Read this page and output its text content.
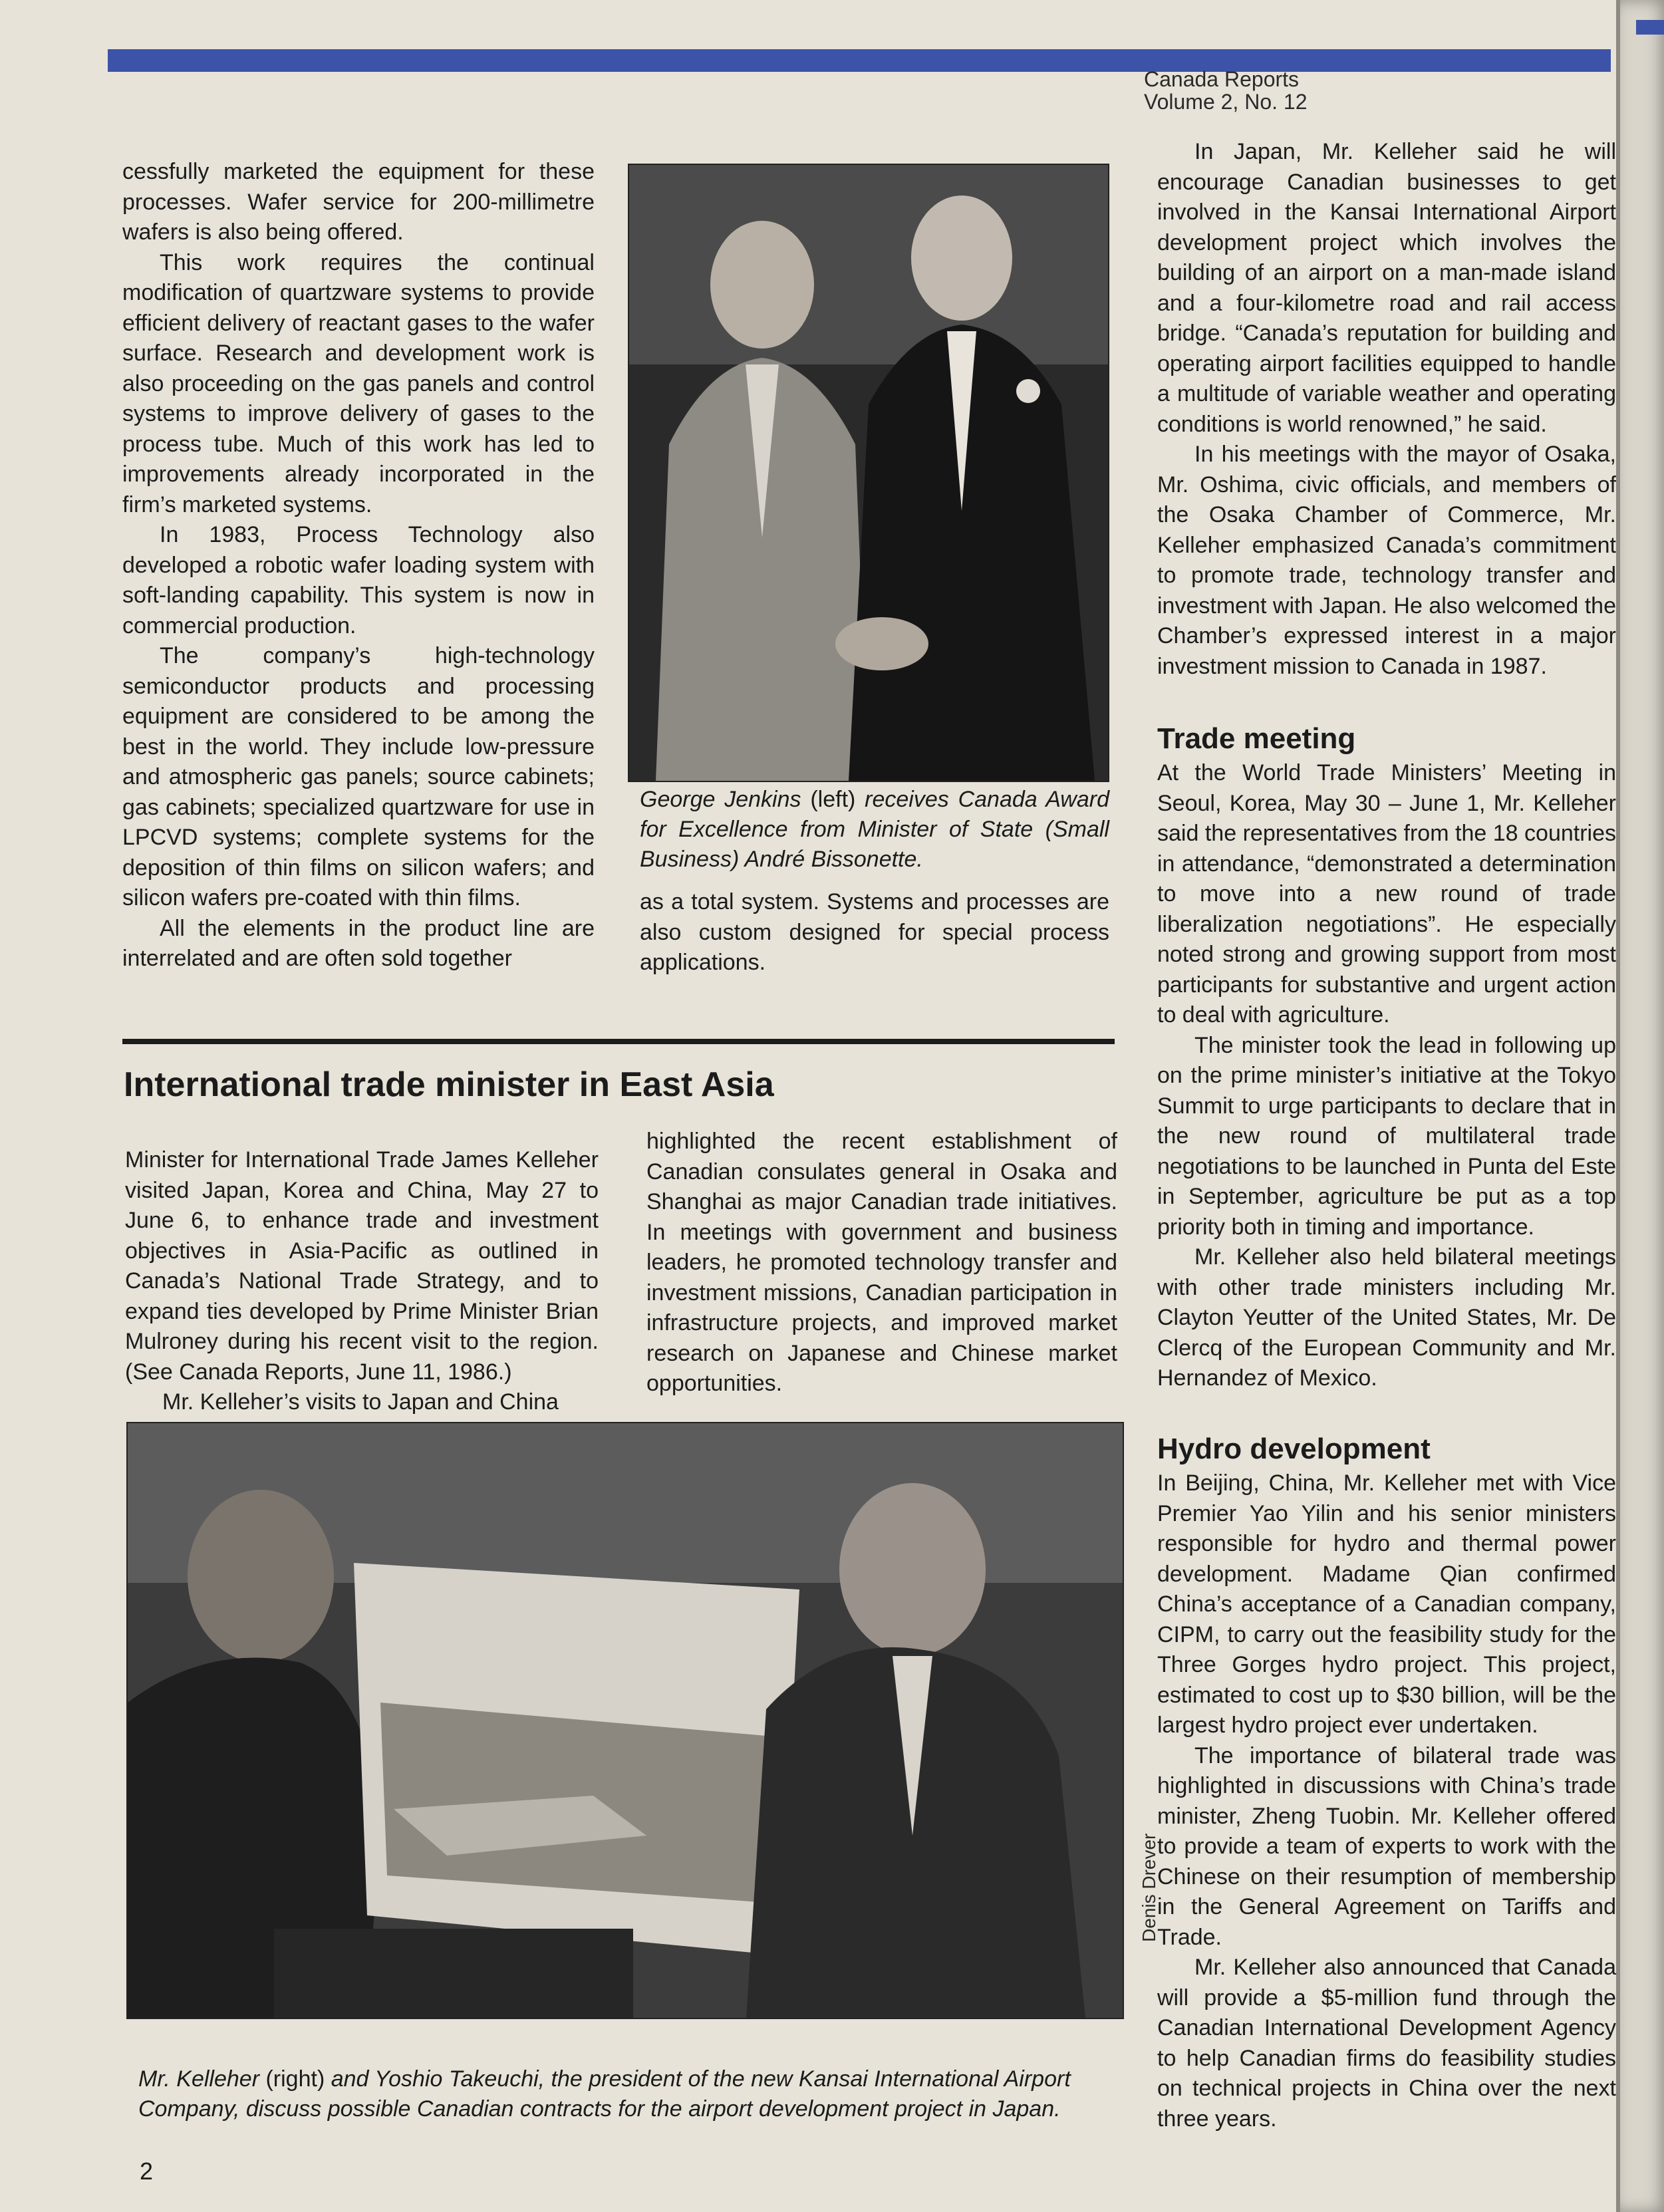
Canada Reports
Volume 2, No. 12

cessfully marketed the equipment for these processes. Wafer service for 200-millimetre wafers is also being offered.

This work requires the continual modification of quartzware systems to provide efficient delivery of reactant gases to the wafer surface. Research and development work is also proceeding on the gas panels and control systems to improve delivery of gases to the process tube. Much of this work has led to improvements already incorporated in the firm’s marketed systems.

In 1983, Process Technology also developed a robotic wafer loading system with soft-landing capability. This system is now in commercial production.

The company’s high-technology semiconductor products and processing equipment are considered to be among the best in the world. They include low-pressure and atmospheric gas panels; source cabinets; gas cabinets; specialized quartzware for use in LPCVD systems; complete systems for the deposition of thin films on silicon wafers; and silicon wafers pre-coated with thin films.

All the elements in the product line are interrelated and are often sold together

George Jenkins (left) receives Canada Award for Excellence from Minister of State (Small Business) André Bissonette.

as a total system. Systems and processes are also custom designed for special process applications.

International trade minister in East Asia

Minister for International Trade James Kelleher visited Japan, Korea and China, May 27 to June 6, to enhance trade and investment objectives in Asia-Pacific as outlined in Canada’s National Trade Strategy, and to expand ties developed by Prime Minister Brian Mulroney during his recent visit to the region. (See Canada Reports, June 11, 1986.)

Mr. Kelleher’s visits to Japan and China

highlighted the recent establishment of Canadian consulates general in Osaka and Shanghai as major Canadian trade initiatives. In meetings with government and business leaders, he promoted technology transfer and investment missions, Canadian participation in infrastructure projects, and improved market research on Japanese and Chinese market opportunities.

In Japan, Mr. Kelleher said he will encourage Canadian businesses to get involved in the Kansai International Airport development project which involves the building of an airport on a man-made island and a four-kilometre road and rail access bridge. “Canada’s reputation for building and operating airport facilities equipped to handle a multitude of variable weather and operating conditions is world renowned,” he said.

In his meetings with the mayor of Osaka, Mr. Oshima, civic officials, and members of the Osaka Chamber of Commerce, Mr. Kelleher emphasized Canada’s commitment to promote trade, technology transfer and investment with Japan. He also welcomed the Chamber’s expressed interest in a major investment mission to Canada in 1987.

Trade meeting

At the World Trade Ministers’ Meeting in Seoul, Korea, May 30 – June 1, Mr. Kelleher said the representatives from the 18 countries in attendance, “demonstrated a determination to move into a new round of trade liberalization negotiations”. He especially noted strong and growing support from most participants for substantive and urgent action to deal with agriculture.

The minister took the lead in following up on the prime minister’s initiative at the Tokyo Summit to urge participants to declare that in the new round of multilateral trade negotiations to be launched in Punta del Este in September, agriculture be put as a top priority both in timing and importance.

Mr. Kelleher also held bilateral meetings with other trade ministers including Mr. Clayton Yeutter of the United States, Mr. De Clercq of the European Community and Mr. Hernandez of Mexico.

Hydro development

In Beijing, China, Mr. Kelleher met with Vice Premier Yao Yilin and his senior ministers responsible for hydro and thermal power development. Madame Qian confirmed China’s acceptance of a Canadian company, CIPM, to carry out the feasibility study for the Three Gorges hydro project. This project, estimated to cost up to $30 billion, will be the largest hydro project ever undertaken.

The importance of bilateral trade was highlighted in discussions with China’s trade minister, Zheng Tuobin. Mr. Kelleher offered to provide a team of experts to work with the Chinese on their resumption of membership in the General Agreement on Tariffs and Trade.

Mr. Kelleher also announced that Canada will provide a $5-million fund through the Canadian International Development Agency to help Canadian firms do feasibility studies on technical projects in China over the next three years.

Denis Drever
Mr. Kelleher (right) and Yoshio Takeuchi, the president of the new Kansai International Airport Company, discuss possible Canadian contracts for the airport development project in Japan.
2
